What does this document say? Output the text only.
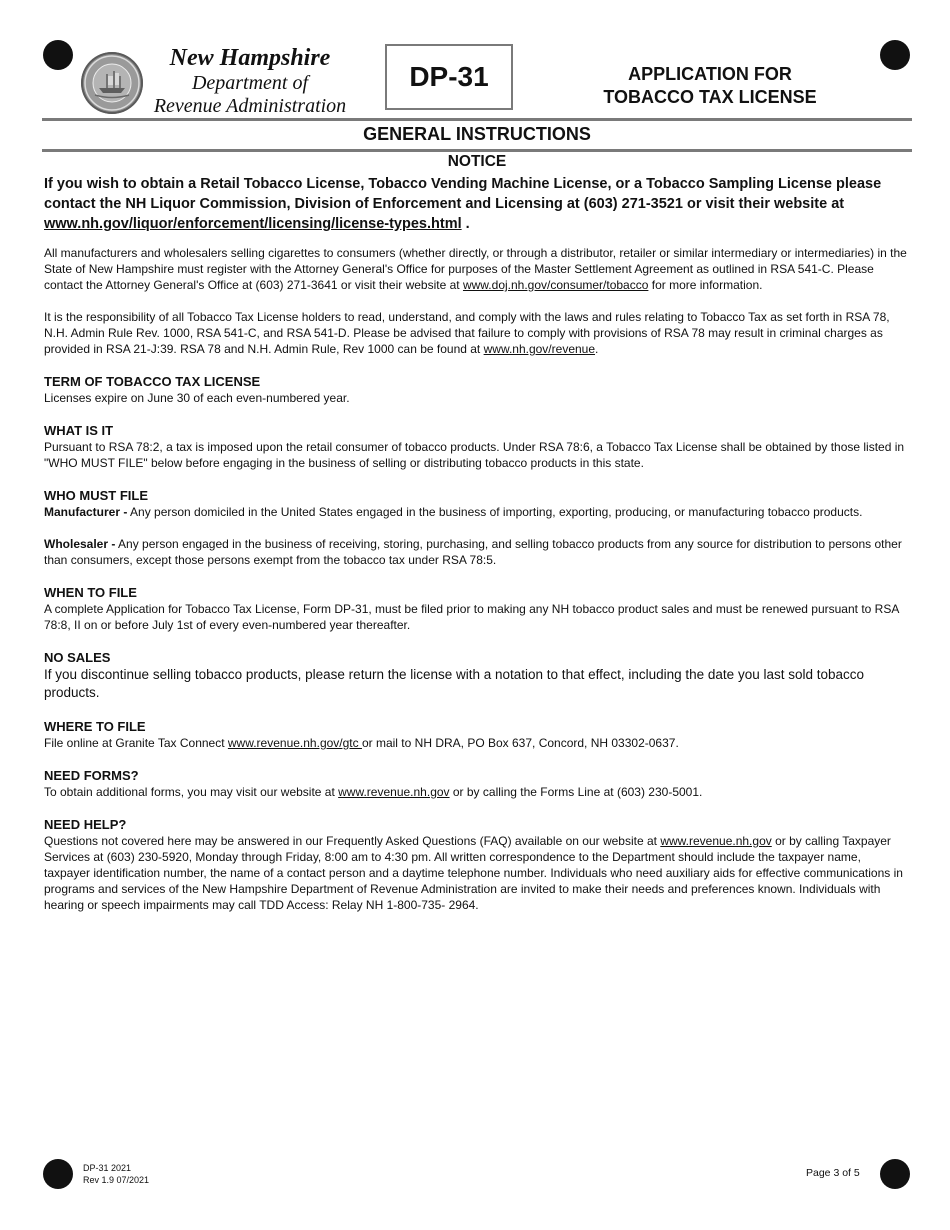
New Hampshire
Department of
Revenue Administration
DP-31	APPLICATION FOR
TOBACCO TAX LICENSE
GENERAL INSTRUCTIONS
NOTICE
If you wish to obtain a Retail Tobacco License, Tobacco Vending Machine License, or a Tobacco Sampling License please contact the NH Liquor Commission, Division of Enforcement and Licensing at (603) 271-3521 or visit their website at www.nh.gov/liquor/enforcement/licensing/license-types.html .

All manufacturers and wholesalers selling cigarettes to consumers (whether directly, or through a distributor, retailer or similar intermediary or intermediaries) in the State of New Hampshire must register with the Attorney General's Office for purposes of the Master Settlement Agreement as outlined in RSA 541-C. Please contact the Attorney General's Office at (603) 271-3641 or visit their website at www.doj.nh.gov/consumer/tobacco for more information.

It is the responsibility of all Tobacco Tax License holders to read, understand, and comply with the laws and rules relating to Tobacco Tax as set forth in RSA 78, N.H. Admin Rule Rev. 1000, RSA 541-C, and RSA 541-D. Please be advised that failure to comply with provisions of RSA 78 may result in criminal charges as provided in RSA 21-J:39. RSA 78 and N.H. Admin Rule, Rev 1000 can be found at www.nh.gov/revenue.

TERM OF TOBACCO TAX LICENSE

Licenses expire on June 30 of each even-numbered year.

WHAT IS IT

Pursuant to RSA 78:2, a tax is imposed upon the retail consumer of tobacco products. Under RSA 78:6, a Tobacco Tax License shall be obtained by those listed in "WHO MUST FILE" below before engaging in the business of selling or distributing tobacco products in this state.

WHO MUST FILE

Manufacturer - Any person domiciled in the United States engaged in the business of importing, exporting, producing, or manufacturing tobacco products.

Wholesaler - Any person engaged in the business of receiving, storing, purchasing, and selling tobacco products from any source for distribution to persons other than consumers, except those persons exempt from the tobacco tax under RSA 78:5.

WHEN TO FILE

A complete Application for Tobacco Tax License, Form DP-31, must be filed prior to making any NH tobacco product sales and must be renewed pursuant to RSA 78:8, II on or before July 1st of every even-numbered year thereafter.

NO SALES

If you discontinue selling tobacco products, please return the license with a notation to that effect, including the date you last sold tobacco products.

WHERE TO FILE

File online at Granite Tax Connect www.revenue.nh.gov/gtc or mail to NH DRA, PO Box 637, Concord, NH 03302-0637.

NEED FORMS?

To obtain additional forms, you may visit our website at www.revenue.nh.gov or by calling the Forms Line at (603) 230-5001.

NEED HELP?

Questions not covered here may be answered in our Frequently Asked Questions (FAQ) available on our website at www.revenue.nh.gov or by calling Taxpayer Services at (603) 230-5920, Monday through Friday, 8:00 am to 4:30 pm. All written correspondence to the Department should include the taxpayer name, taxpayer identification number, the name of a contact person and a daytime telephone number. Individuals who need auxiliary aids for effective communications in programs and services of the New Hampshire Department of Revenue Administration are invited to make their needs and preferences known. Individuals with hearing or speech impairments may call TDD Access: Relay NH 1-800-735- 2964.

DP-31 2021
Rev 1.9 07/2021
Page 3 of 5
